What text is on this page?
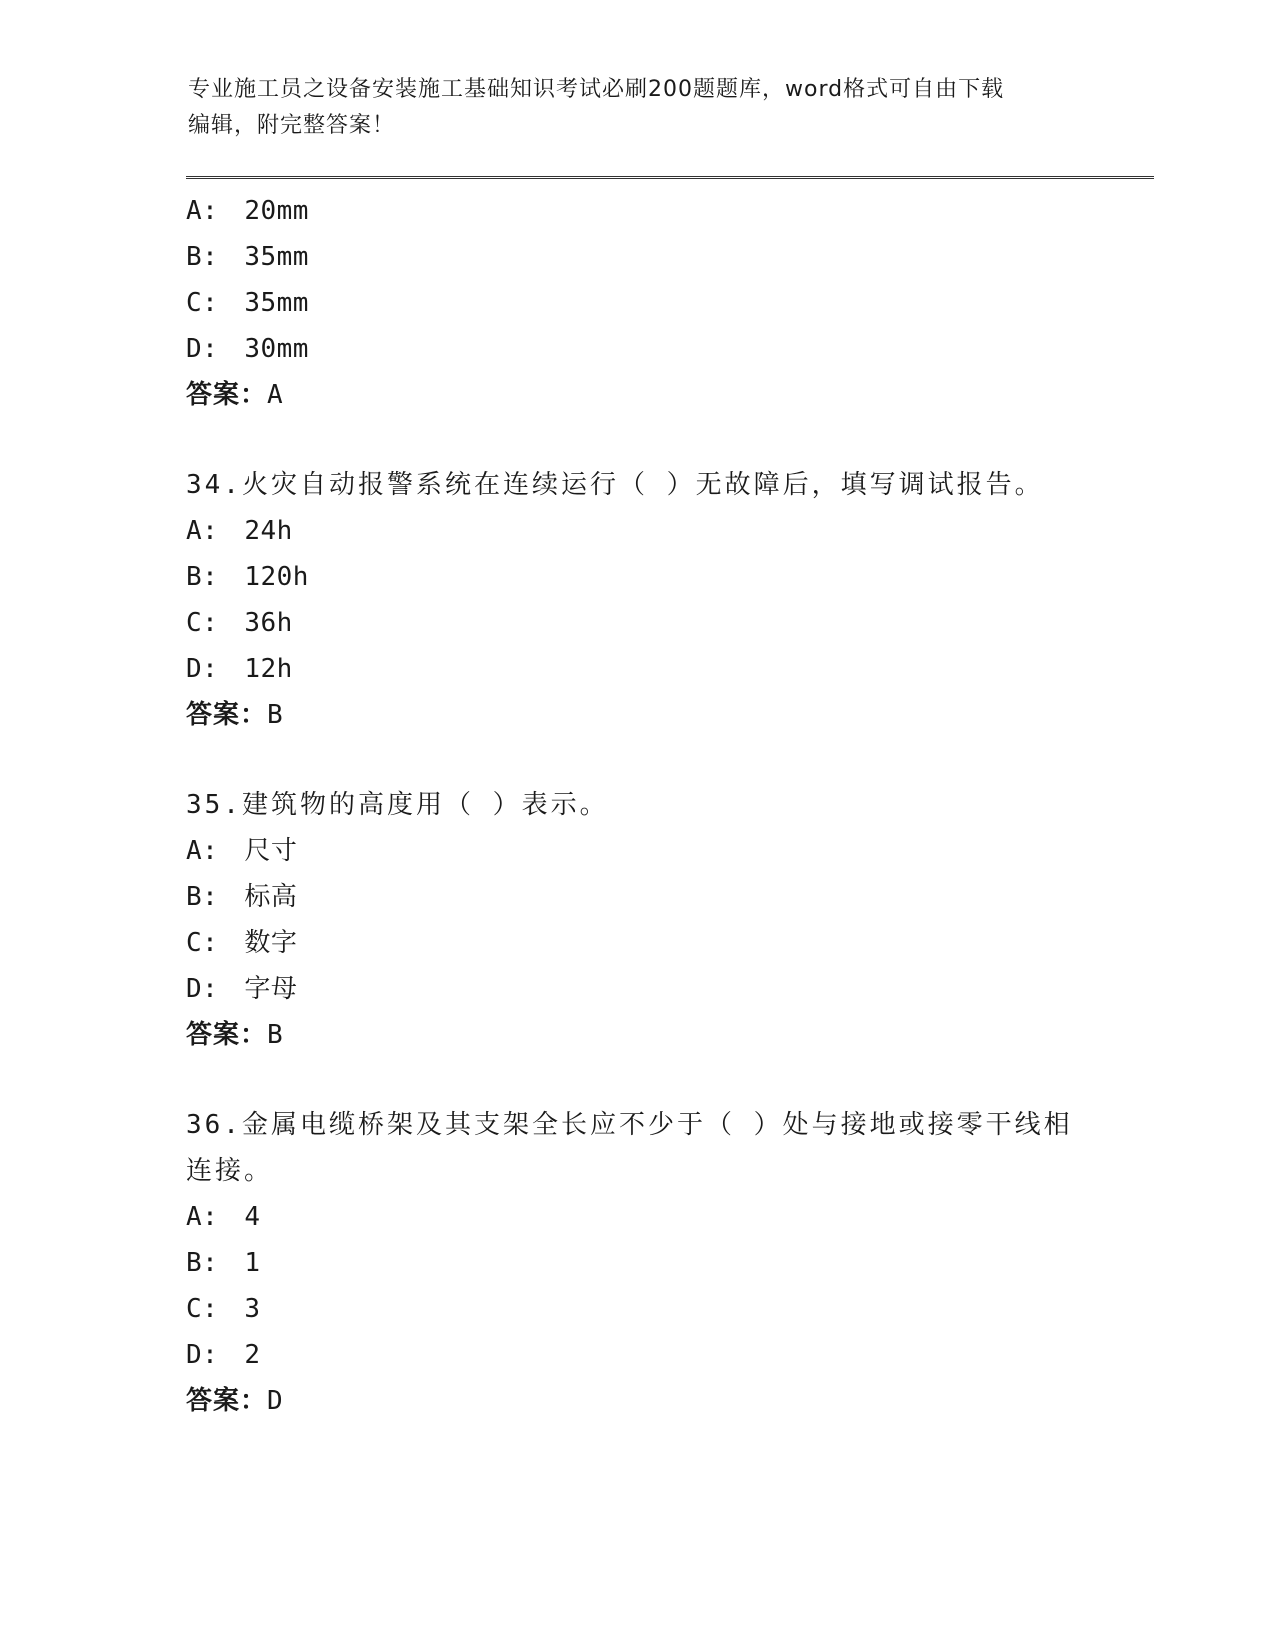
专业施工员之设备安装施工基础知识考试必刷200题题库，word格式可自由下载
编辑，附完整答案！
A: 20mm
B: 35mm
C: 35mm
D: 30mm
答案：A
34.火灾自动报警系统在连续运行（ ）无故障后，填写调试报告。
A: 24h
B: 120h
C: 36h
D: 12h
答案：B
35.建筑物的高度用（ ）表示。
A: 尺寸
B: 标高
C: 数字
D: 字母
答案：B
36.金属电缆桥架及其支架全长应不少于（ ）处与接地或接零干线相
连接。
A: 4
B: 1
C: 3
D: 2
答案：D
